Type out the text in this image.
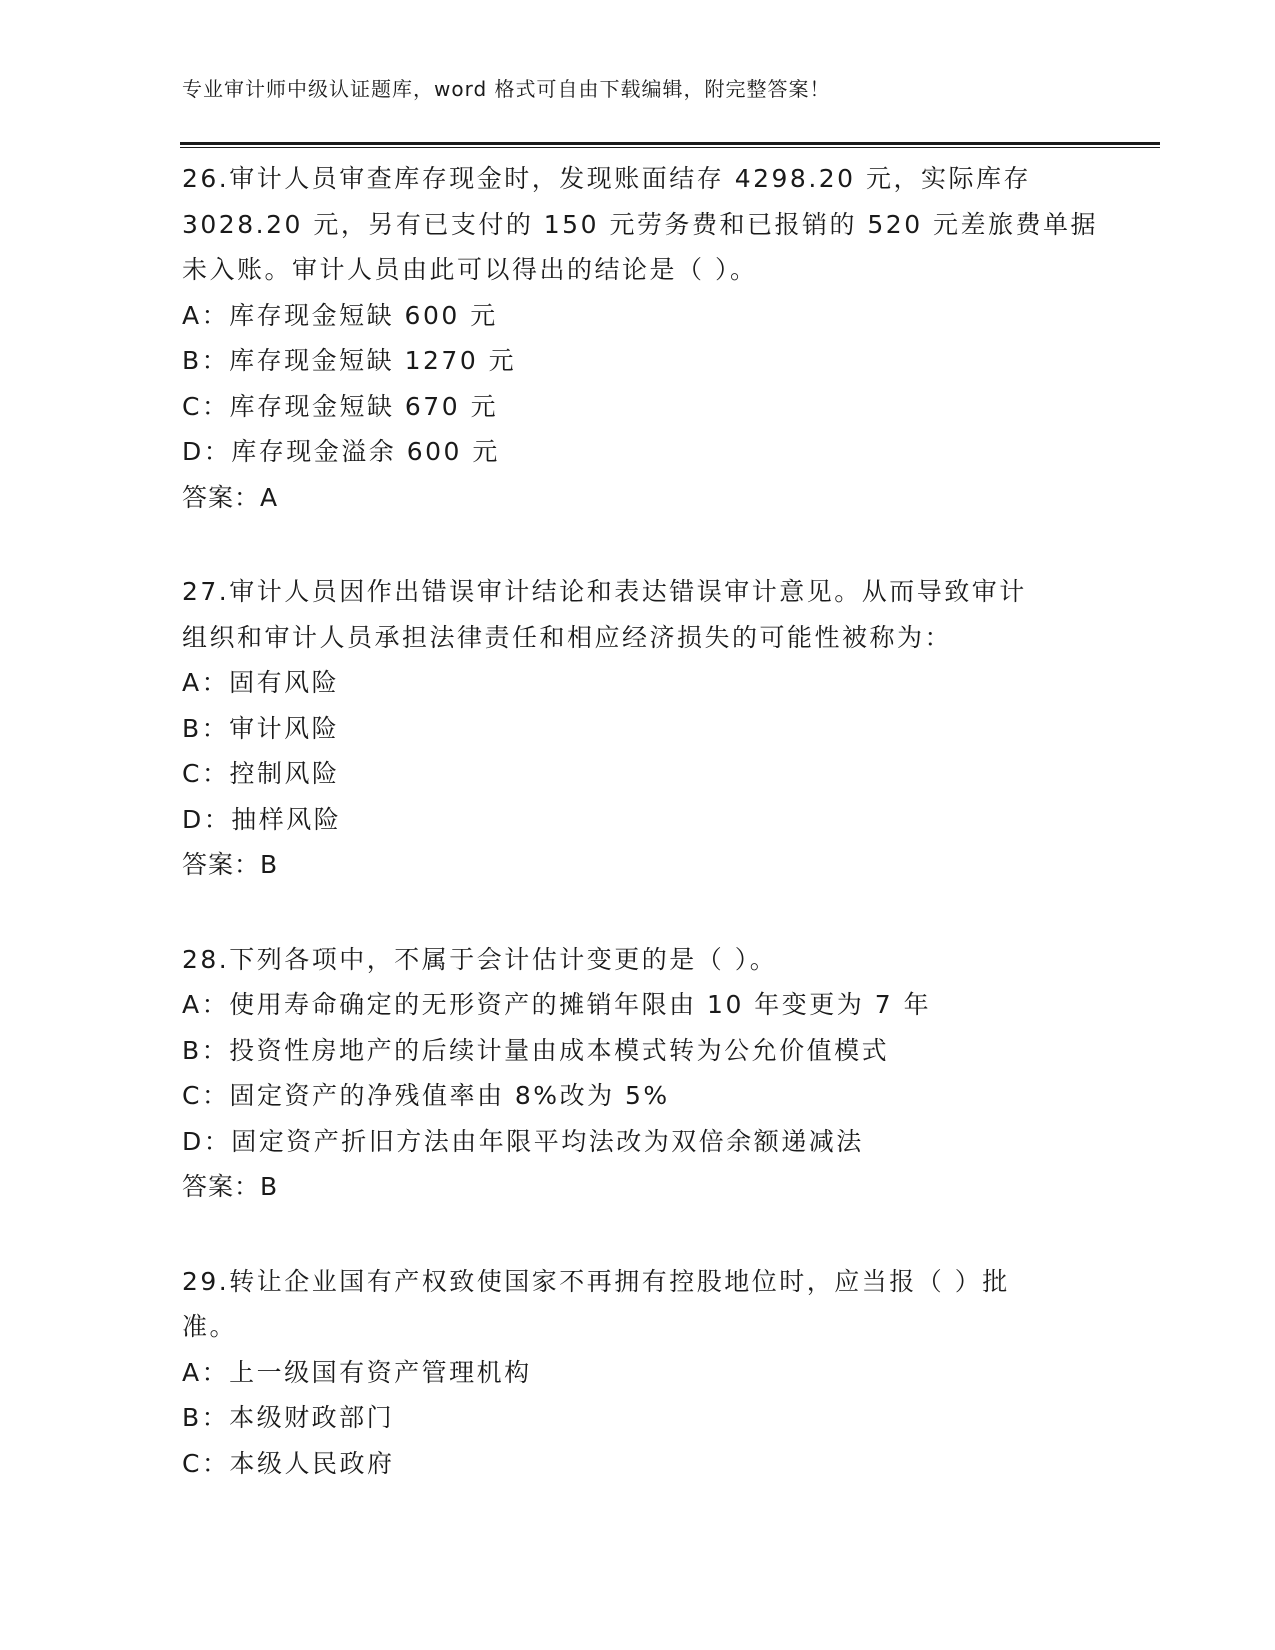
专业审计师中级认证题库，word 格式可自由下载编辑，附完整答案！
26.审计人员审查库存现金时，发现账面结存 4298.20 元，实际库存
3028.20 元，另有已支付的 150 元劳务费和已报销的 520 元差旅费单据
未入账。审计人员由此可以得出的结论是（ ）。
A：库存现金短缺 600 元
B：库存现金短缺 1270 元
C：库存现金短缺 670 元
D：库存现金溢余 600 元
答案：A
27.审计人员因作出错误审计结论和表达错误审计意见。从而导致审计
组织和审计人员承担法律责任和相应经济损失的可能性被称为：
A：固有风险
B：审计风险
C：控制风险
D：抽样风险
答案：B
28.下列各项中，不属于会计估计变更的是（ ）。
A：使用寿命确定的无形资产的摊销年限由 10 年变更为 7 年
B：投资性房地产的后续计量由成本模式转为公允价值模式
C：固定资产的净残值率由 8%改为 5%
D：固定资产折旧方法由年限平均法改为双倍余额递减法
答案：B
29.转让企业国有产权致使国家不再拥有控股地位时，应当报（ ）批
准。
A：上一级国有资产管理机构
B：本级财政部门
C：本级人民政府
